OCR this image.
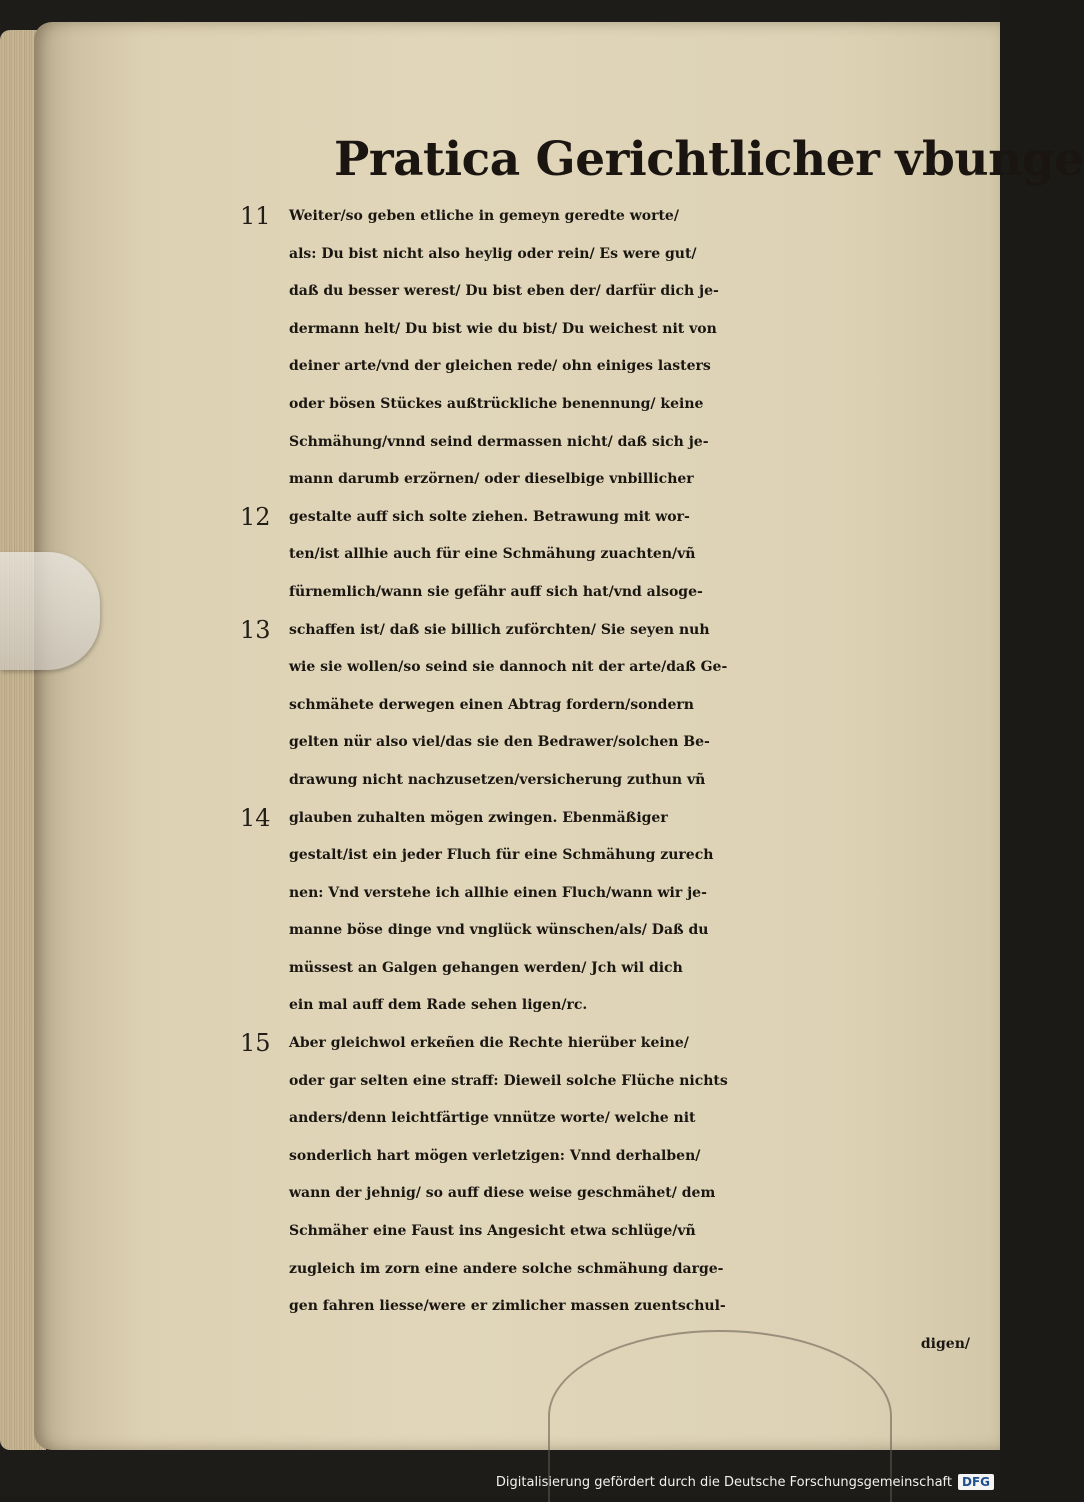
Pratica Gerichtlicher vbunge
11	Weiter/so geben etliche in gemeyn geredte worte/
als: Du bist nicht also heylig oder rein/ Es were gut/
daß du besser werest/ Du bist eben der/ darfür dich je-
dermann helt/ Du bist wie du bist/ Du weichest nit von
deiner arte/vnd der gleichen rede/ ohn einiges lasters
oder bösen Stückes außtrückliche benennung/ keine
Schmähung/vnnd seind dermassen nicht/ daß sich je-
mann darumb erzörnen/ oder dieselbige vnbillicher
12	gestalte auff sich solte ziehen. Betrawung mit wor-
ten/ist allhie auch für eine Schmähung zuachten/vñ
fürnemlich/wann sie gefähr auff sich hat/vnd alsoge-
13	schaffen ist/ daß sie billich zuförchten/ Sie seyen nuh
wie sie wollen/so seind sie dannoch nit der arte/daß Ge-
schmähete derwegen einen Abtrag fordern/sondern
gelten nür also viel/das sie den Bedrawer/solchen Be-
drawung nicht nachzusetzen/versicherung zuthun vñ
14	glauben zuhalten mögen zwingen. Ebenmäßiger
gestalt/ist ein jeder Fluch für eine Schmähung zurech
nen: Vnd verstehe ich allhie einen Fluch/wann wir je-
manne böse dinge vnd vnglück wünschen/als/ Daß du
müssest an Galgen gehangen werden/ Jch wil dich
ein mal auff dem Rade sehen ligen/rc.
15	Aber gleichwol erkeñen die Rechte hierüber keine/
oder gar selten eine straff: Dieweil solche Flüche nichts
anders/denn leichtfärtige vnnütze worte/ welche nit
sonderlich hart mögen verletzigen: Vnnd derhalben/
wann der jehnig/ so auff diese weise geschmähet/ dem
Schmäher eine Faust ins Angesicht etwa schlüge/vñ
zugleich im zorn eine andere solche schmähung darge-
gen fahren liesse/were er zimlicher massen zuentschul-
digen/
Digitalisierung gefördert durch die Deutsche Forschungsgemeinschaft DFG
